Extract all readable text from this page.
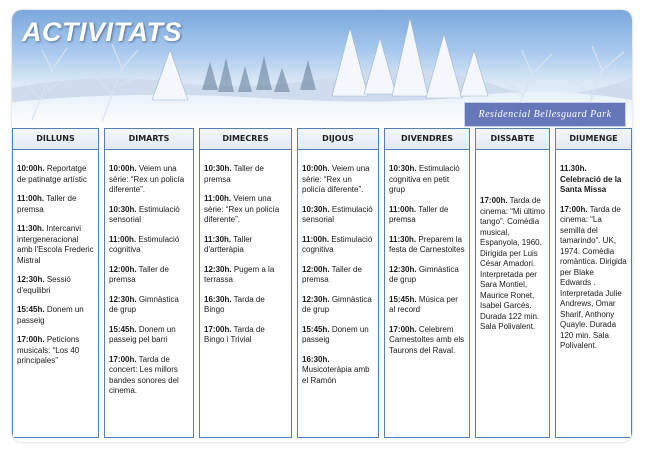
ACTIVITATS
Residencial Bellesguard Park
DILLUNS
10:00h. Reportatge de patinatge artístic
11:00h. Taller de premsa
11:30h. Intercanvi intergeneracional amb l'Escola Frederic Mistral
12:30h. Sessió d'equilibri
15:45h. Donem un passeig
17:00h. Peticions musicals: “Los 40 principales”
DIMARTS
10:00h. Veiem una sèrie: “Rex un policía diferente”.
10:30h. Estimulació sensorial
11:00h. Estimulació cognitiva
12:00h. Taller de premsa
12:30h. Gimnàstica de grup
15:45h. Donem un passeig pel barri
17:00h. Tarda de concert: Les millors bandes sonores del cinema.
DIMECRES
10:30h. Taller de premsa
11:00h. Veiem una sèrie: “Rex un policía diferente”.
11:30h. Taller d'artteràpia
12:30h. Pugem a la terrassa
16:30h. Tarda de Bingo
17:00h. Tarda de Bingo i Trivial
DIJOUS
10:00h. Veiem una sèrie: “Rex un policía diferente”.
10:30h. Estimulació sensorial
11:00h. Estimulació cognitiva
12:00h. Taller de premsa
12:30h. Gimnàstica de grup
15:45h. Donem un passeig
16:30h. Musicoteràpia amb el Ramón
DIVENDRES
10:30h. Estimulació cognitiva en petit grup
11:00h. Taller de premsa
11:30h. Preparem la festa de Carnestoltes
12:30h. Gimnàstica de grup
15:45h. Música per al record
17:00h. Celebrem Carnestoltes amb els Taurons del Raval.
DISSABTE
17:00h. Tarda de cinema: “Mi último tango”. Comèdia musical, Espanyola, 1960. Dirigida per Luis César Amadori. Interpretada per Sara Montiel, Maurice Ronet, Isabel Garcés. Durada 122 min. Sala Polivalent.
DIUMENGE
11.30h. Celebració de la Santa Missa
17:00h. Tarda de cinema: “La semilla del tamarindo”. UK, 1974. Comèdia romàntica. Dirigida per Blake Edwards . Interpretada Julie Andrews, Omar Sharif, Anthony Quayle. Durada 120 min. Sala Polivalent.
